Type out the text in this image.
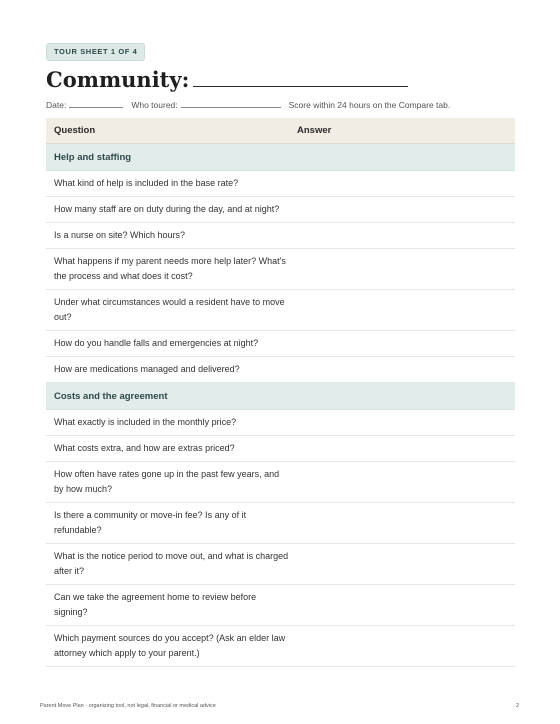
TOUR SHEET 1 OF 4
Community:
Date:	Who toured:	Score within 24 hours on the Compare tab.
Question	Answer
Help and staffing
What kind of help is included in the base rate?
How many staff are on duty during the day, and at night?
Is a nurse on site? Which hours?
What happens if my parent needs more help later? What's the process and what does it cost?
Under what circumstances would a resident have to move out?
How do you handle falls and emergencies at night?
How are medications managed and delivered?
Costs and the agreement
What exactly is included in the monthly price?
What costs extra, and how are extras priced?
How often have rates gone up in the past few years, and by how much?
Is there a community or move-in fee? Is any of it refundable?
What is the notice period to move out, and what is charged after it?
Can we take the agreement home to review before signing?
Which payment sources do you accept? (Ask an elder law attorney which apply to your parent.)
Parent Move Plan · organizing tool, not legal, financial or medical advice	2
